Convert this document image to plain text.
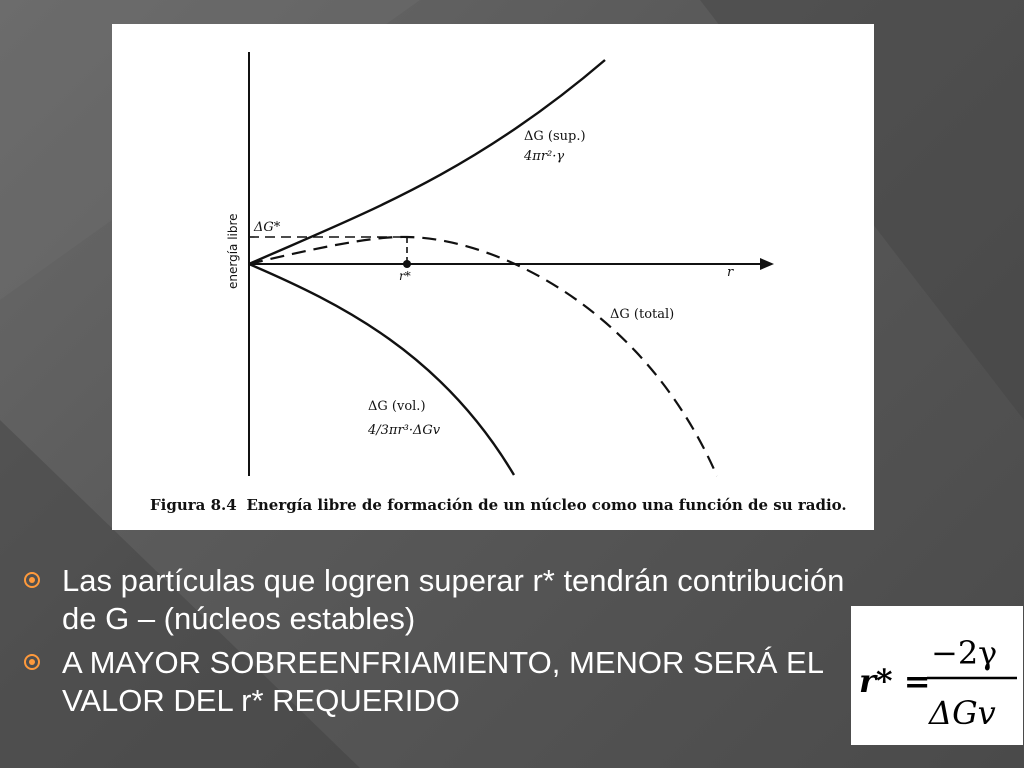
energía libre ΔG*
r*	r
ΔG (sup.)
4πr²·γ
ΔG (total)
ΔG (vol.)
4/3πr³·ΔGv
Figura 8.4 Energía libre de formación de un núcleo como una función de su radio.
Las partículas que logren superar r* tendrán contribución de G – (núcleos estables)
A MAYOR SOBREENFRIAMIENTO, MENOR SERÁ EL VALOR DEL r* REQUERIDO
r* =
−2γ
ΔGv
